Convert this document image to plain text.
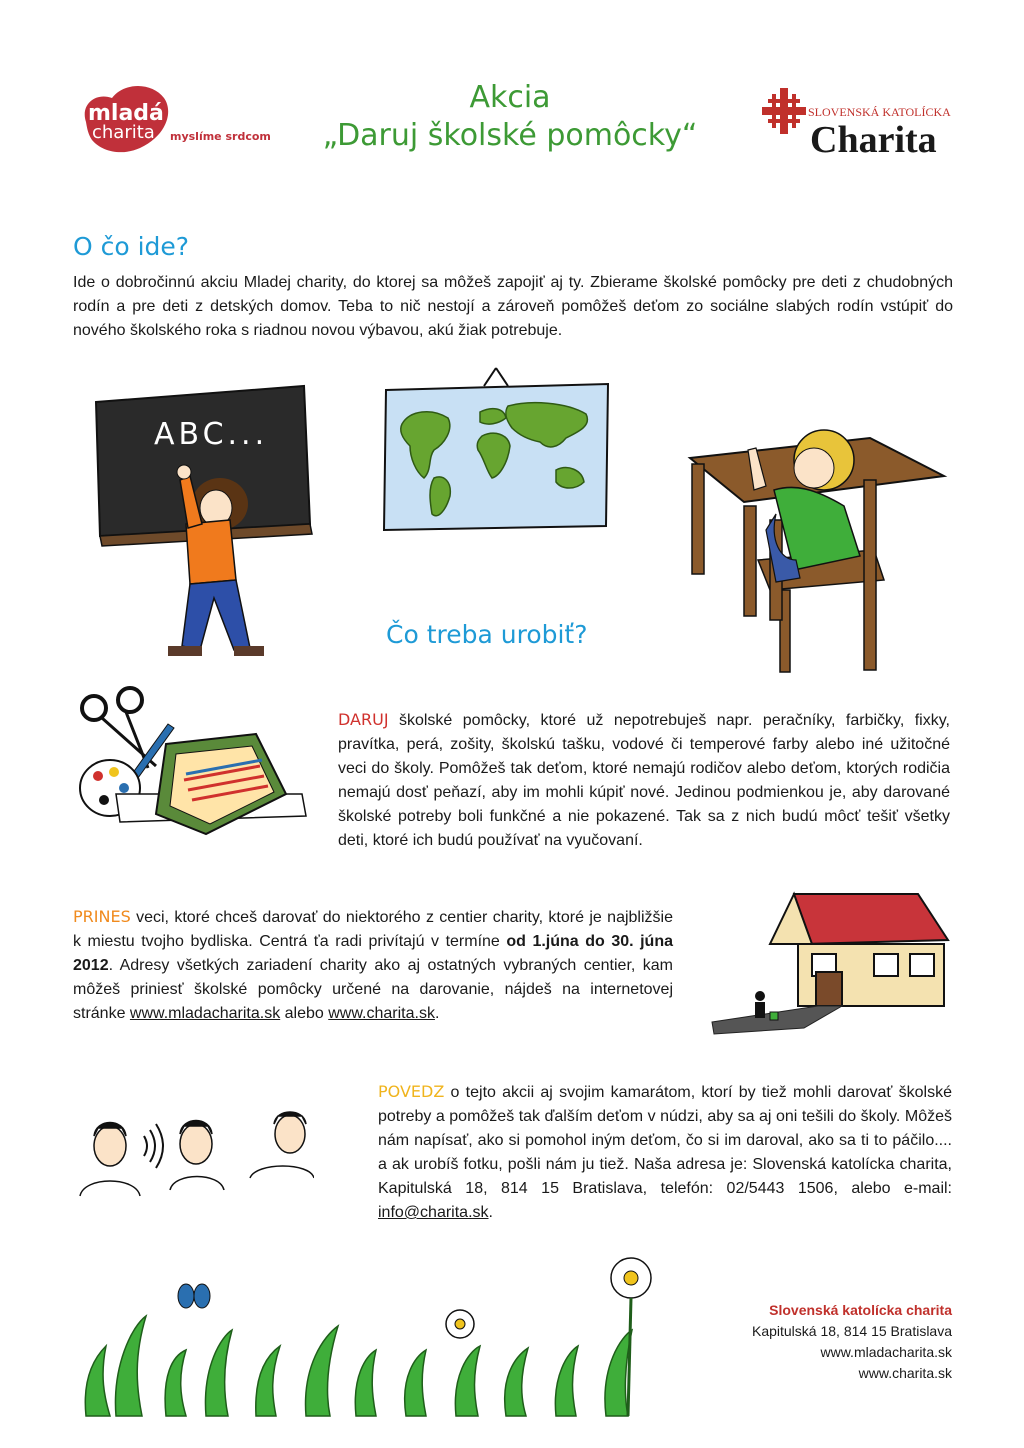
mladá
charita myslíme srdcom
Akcia
„Daruj školské pomôcky“
SLOVENSKÁ KATOLÍCKA
Charita
O čo ide?
Ide o dobročinnú akciu Mladej charity, do ktorej sa môžeš zapojiť aj ty. Zbierame školské pomôcky pre deti z chudobných rodín a pre deti z detských domov. Teba to nič nestojí a zároveň pomôžeš deťom zo sociálne slabých rodín vstúpiť do nového školského roka s riadnou novou výbavou, akú žiak potrebuje.
ABC...
Čo treba urobiť?
DARUJ školské pomôcky, ktoré už nepotrebuješ napr. peračníky, farbičky, fixky, pravítka, perá, zošity, školskú tašku, vodové či temperové farby alebo iné užitočné veci do školy. Pomôžeš tak deťom, ktoré nemajú rodičov alebo deťom, ktorých rodičia nemajú dosť peňazí, aby im mohli kúpiť nové. Jedinou podmienkou je, aby darované školské potreby boli funkčné a nie pokazené. Tak sa z nich budú môcť tešiť všetky deti, ktoré ich budú používať na vyučovaní.
PRINES veci, ktoré chceš darovať do niektorého z centier charity, ktoré je najbližšie k miestu tvojho bydliska. Centrá ťa radi privítajú v termíne od 1.júna do 30. júna 2012. Adresy všetkých zariadení charity ako aj ostatných vybraných centier, kam môžeš priniesť školské pomôcky určené na darovanie, nájdeš na internetovej stránke www.mladacharita.sk alebo www.charita.sk.
POVEDZ o tejto akcii aj svojim kamarátom, ktorí by tiež mohli darovať školské potreby a pomôžeš tak ďalším deťom v núdzi, aby sa aj oni tešili do školy. Môžeš nám napísať, ako si pomohol iným deťom, čo si im daroval, ako sa ti to páčilo.... a ak urobíš fotku, pošli nám ju tiež. Naša adresa je: Slovenská katolícka charita, Kapitulská 18, 814 15 Bratislava, telefón: 02/5443 1506, alebo e-mail: info@charita.sk.
Slovenská katolícka charita
Kapitulská 18, 814 15 Bratislava
www.mladacharita.sk
www.charita.sk
